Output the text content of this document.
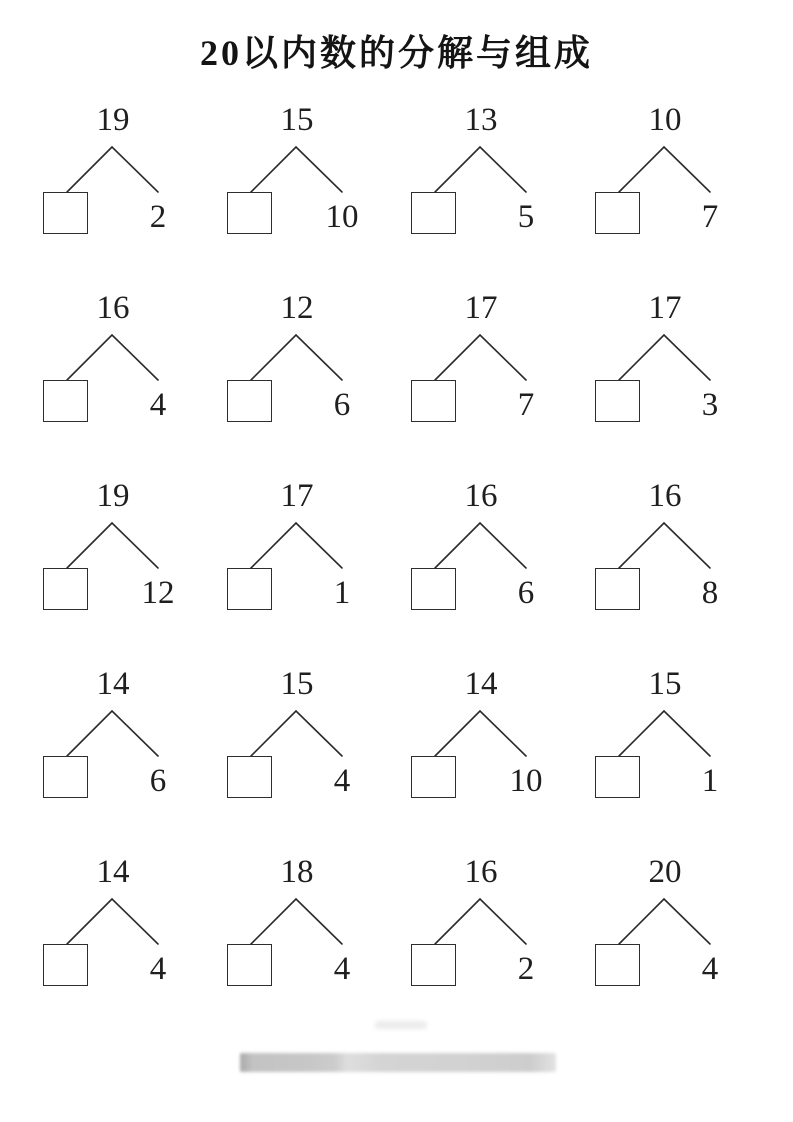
20以内数的分解与组成
19
2
15
10
13
5
10
7
16
4
12
6
17
7
17
3
19
12
17
1
16
6
16
8
14
6
15
4
14
10
15
1
14
4
18
4
16
2
20
4
